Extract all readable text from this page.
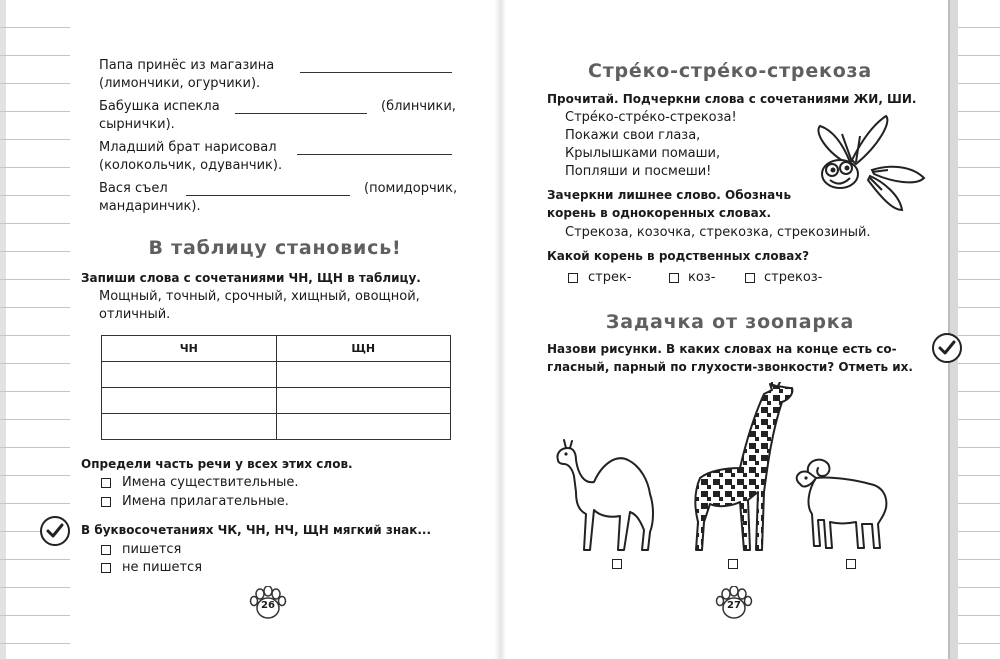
Папа принёс из магазина
(лимончики, огурчики).
Бабушка испекла	(блинчики,
сырнички).
Младший брат нарисовал
(колокольчик, одуванчик).
Вася съел	(помидорчик,
мандаринчик).
В таблицу становись!
Запиши слова с сочетаниями ЧН, ЩН в таблицу.
Мощный, точный, срочный, хищный, овощной,
отличный.
ЧН	ЩН

Определи часть речи у всех этих слов.
Имена существительные.
Имена прилагательные.
В буквосочетаниях ЧК, ЧН, НЧ, ЩН мягкий знак...
пишется
не пишется
26
Стрéко-стрéко-стрекоза
Прочитай. Подчеркни слова с сочетаниями ЖИ, ШИ.
Стрéко-стрéко-стрекоза!
Покажи свои глаза,
Крылышками помаши,
Попляши и посмеши!
Зачеркни лишнее слово. Обозначь
корень в однокоренных словах.
Стрекоза, козочка, стрекозка, стрекозиный.
Какой корень в родственных словах?
стрек-	коз-	стрекоз-
Задачка от зоопарка
Назови рисунки. В каких словах на конце есть со-
гласный, парный по глухости-звонкости? Отметь их.
27
